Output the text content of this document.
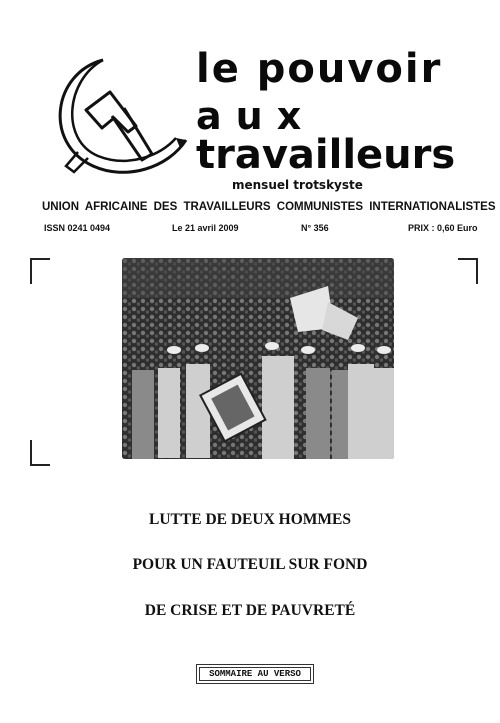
le pouvoir
aux
travailleurs
mensuel trotskyste
UNION AFRICAINE DES TRAVAILLEURS COMMUNISTES INTERNATIONALISTES
ISSN 0241 0494	Le 21 avril 2009	N° 356	PRIX : 0,60 Euro
LUTTE DE DEUX HOMMES
POUR UN FAUTEUIL SUR FOND
DE CRISE ET DE PAUVRETÉ
SOMMAIRE AU VERSO
